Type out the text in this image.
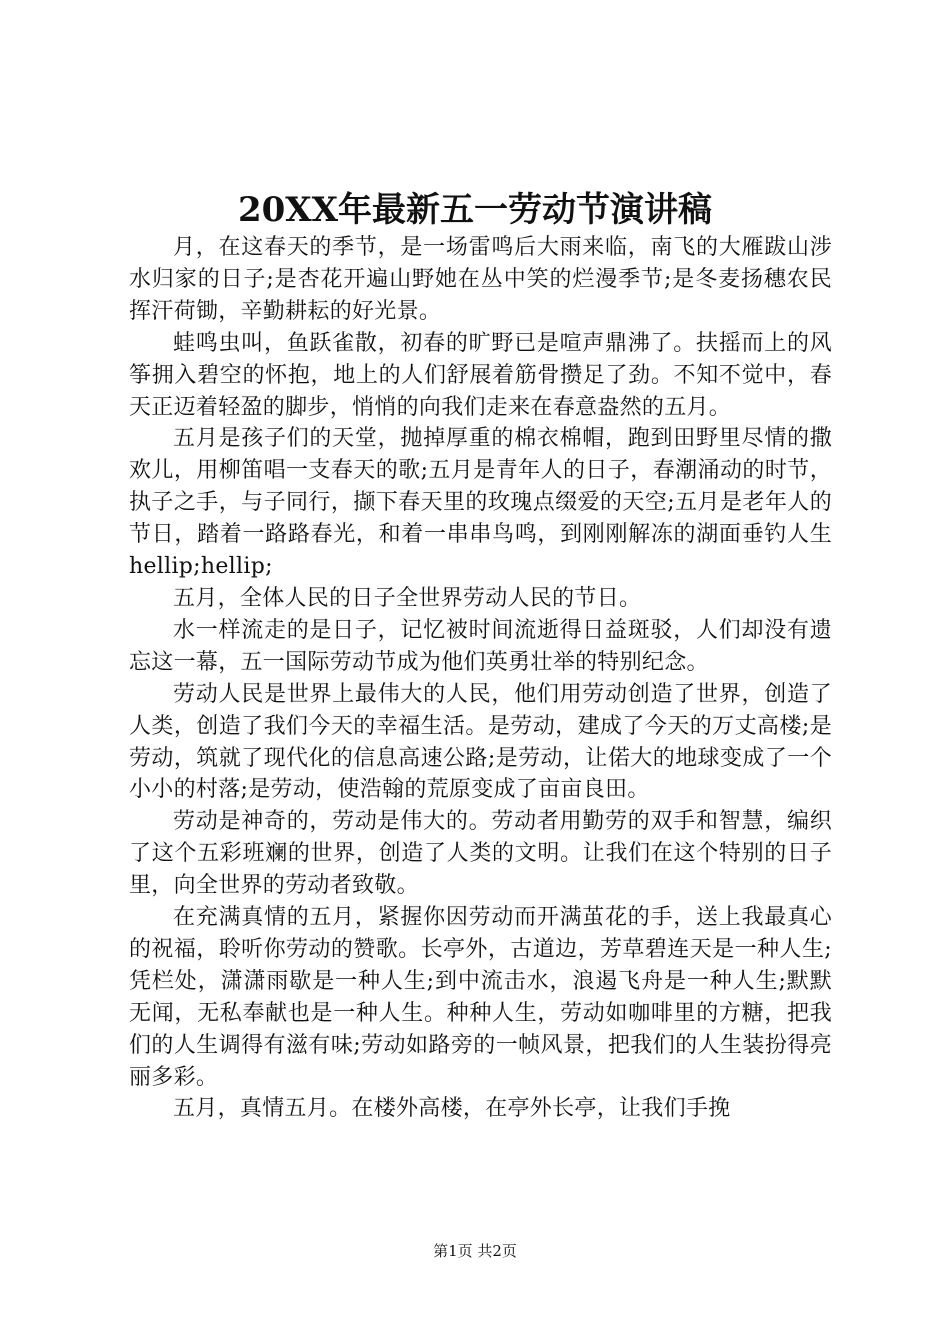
20XX年最新五一劳动节演讲稿

月，在这春天的季节，是一场雷鸣后大雨来临，南飞的大雁跋山涉水归家的日子;是杏花开遍山野她在丛中笑的烂漫季节;是冬麦扬穗农民挥汗荷锄，辛勤耕耘的好光景。

蛙鸣虫叫，鱼跃雀散，初春的旷野已是喧声鼎沸了。扶摇而上的风筝拥入碧空的怀抱，地上的人们舒展着筋骨攒足了劲。不知不觉中，春天正迈着轻盈的脚步，悄悄的向我们走来在春意盎然的五月。

五月是孩子们的天堂，抛掉厚重的棉衣棉帽，跑到田野里尽情的撒欢儿，用柳笛唱一支春天的歌;五月是青年人的日子，春潮涌动的时节，执子之手，与子同行，撷下春天里的玫瑰点缀爱的天空;五月是老年人的节日，踏着一路路春光，和着一串串鸟鸣，到刚刚解冻的湖面垂钓人生hellip;hellip;

五月，全体人民的日子全世界劳动人民的节日。

水一样流走的是日子，记忆被时间流逝得日益斑驳，人们却没有遗忘这一幕，五一国际劳动节成为他们英勇壮举的特别纪念。

劳动人民是世界上最伟大的人民，他们用劳动创造了世界，创造了人类，创造了我们今天的幸福生活。是劳动，建成了今天的万丈高楼;是劳动，筑就了现代化的信息高速公路;是劳动，让偌大的地球变成了一个小小的村落;是劳动，使浩翰的荒原变成了亩亩良田。

劳动是神奇的，劳动是伟大的。劳动者用勤劳的双手和智慧，编织了这个五彩班斓的世界，创造了人类的文明。让我们在这个特别的日子里，向全世界的劳动者致敬。

在充满真情的五月，紧握你因劳动而开满茧花的手，送上我最真心的祝福，聆听你劳动的赞歌。长亭外，古道边，芳草碧连天是一种人生;凭栏处，潇潇雨歇是一种人生;到中流击水，浪遏飞舟是一种人生;默默无闻，无私奉献也是一种人生。种种人生，劳动如咖啡里的方糖，把我们的人生调得有滋有味;劳动如路旁的一帧风景，把我们的人生装扮得亮丽多彩。

五月，真情五月。在楼外高楼，在亭外长亭，让我们手挽

第1页 共2页
